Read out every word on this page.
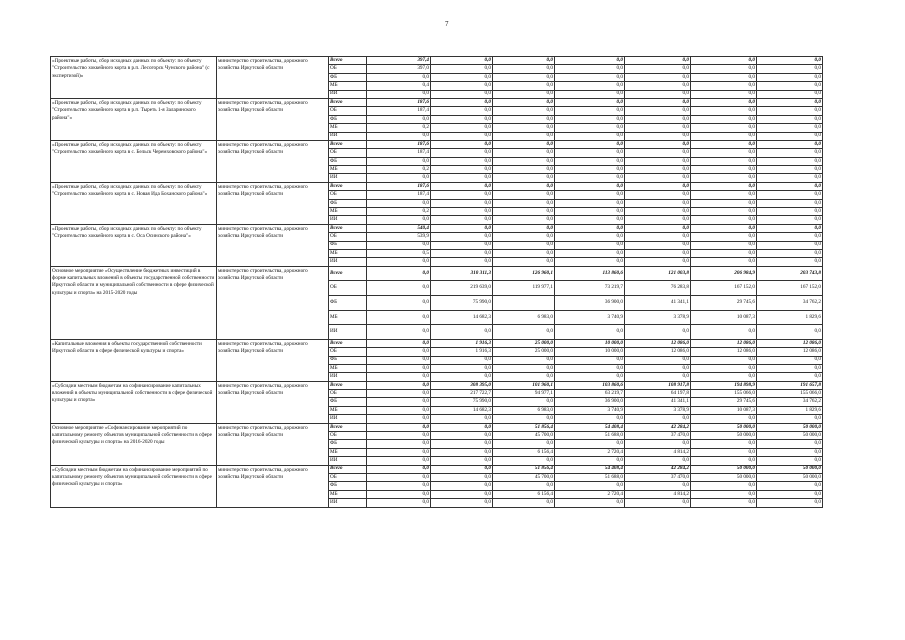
7
«Проектные работы, сбор исходных данных по объекту: по объекту "Строительство хоккейного корта в р.п. Лесогорск Чунского района" (с экспертизой)»	министерство строительства, дорожного хозяйства Иркутской области	Всего	397,4	0,0	0,0	0,0	0,0	0,0	0,0
		ОБ	397,0	0,0	0,0	0,0	0,0	0,0	0,0
		ФБ	0,0	0,0	0,0	0,0	0,0	0,0	0,0
		МБ	0,4	0,0	0,0	0,0	0,0	0,0	0,0
		ИИ	0,0	0,0	0,0	0,0	0,0	0,0	0,0
«Проектные работы, сбор исходных данных по объекту: по объекту "Строительство хоккейного корта в р.п. Тыреть 1-я Заларинского района"»	министерство строительства, дорожного хозяйства Иркутской области	Всего	187,6	0,0	0,0	0,0	0,0	0,0	0,0
		ОБ	187,4	0,0	0,0	0,0	0,0	0,0	0,0
		ФБ	0,0	0,0	0,0	0,0	0,0	0,0	0,0
		МБ	0,2	0,0	0,0	0,0	0,0	0,0	0,0
		ИИ	0,0	0,0	0,0	0,0	0,0	0,0	0,0
«Проектные работы, сбор исходных данных по объекту: по объекту "Строительство хоккейного корта в с. Бельск Черемховского района"»	министерство строительства, дорожного хозяйства Иркутской области	Всего	187,6	0,0	0,0	0,0	0,0	0,0	0,0
		ОБ	187,4	0,0	0,0	0,0	0,0	0,0	0,0
		ФБ	0,0	0,0	0,0	0,0	0,0	0,0	0,0
		МБ	0,2	0,0	0,0	0,0	0,0	0,0	0,0
		ИИ	0,0	0,0	0,0	0,0	0,0	0,0	0,0
«Проектные работы, сбор исходных данных по объекту: по объекту "Строительство хоккейного корта в с. Новая Ида Боханского района"»	министерство строительства, дорожного хозяйства Иркутской области	Всего	187,6	0,0	0,0	0,0	0,0	0,0	0,0
		ОБ	187,4	0,0	0,0	0,0	0,0	0,0	0,0
		ФБ	0,0	0,0	0,0	0,0	0,0	0,0	0,0
		МБ	0,2	0,0	0,0	0,0	0,0	0,0	0,0
		ИИ	0,0	0,0	0,0	0,0	0,0	0,0	0,0
«Проектные работы, сбор исходных данных по объекту: по объекту "Строительство хоккейного корта в с. Оса Осинского района"»	министерство строительства, дорожного хозяйства Иркутской области	Всего	540,4	0,0	0,0	0,0	0,0	0,0	0,0
		ОБ	539,9	0,0	0,0	0,0	0,0	0,0	0,0
		ФБ	0,0	0,0	0,0	0,0	0,0	0,0	0,0
		МБ	0,5	0,0	0,0	0,0	0,0	0,0	0,0
		ИИ	0,0	0,0	0,0	0,0	0,0	0,0	0,0
Основное мероприятие «Осуществление бюджетных инвестиций в форме капитальных вложений в объекты государственной собственности Иркутской области и муниципальной собственности в сфере физической культуры и спорта» на 2015-2020 годы	министерство строительства, дорожного хозяйства Иркутской области	Всего	0,0	310 311,3	126 960,1	113 860,6	121 003,8	206 984,9	203 743,8
		ОБ	0,0	219 639,0	119 977,1	73 219,7	76 283,8	167 152,0	167 152,0
		ФБ	0,0	75 990,0		36 900,0	41 341,1	29 745,6	34 762,2
		МБ	0,0	14 682,3	6 983,0	3 740,9	3 378,9	10 087,3	1 829,6
		ИИ	0,0	0,0	0,0	0,0	0,0	0,0	0,0
«Капитальные вложения в объекты государственной собственности Иркутской области в сфере физической культуры и спорта»	министерство строительства, дорожного хозяйства Иркутской области	Всего	0,0	1 916,3	25 000,0	10 000,0	12 086,0	12 086,0	12 086,0
		ОБ	0,0	1 916,3	25 000,0	10 000,0	12 086,0	12 086,0	12 086,0
		ФБ	0,0	0,0	0,0	0,0	0,0	0,0	0,0
		МБ	0,0	0,0	0,0	0,0	0,0	0,0	0,0
		ИИ	0,0	0,0	0,0	0,0	0,0	0,0	0,0
«Субсидии местным бюджетам на софинансирование капитальных вложений в объекты муниципальной собственности в сфере физической культуры и спорта»	министерство строительства, дорожного хозяйства Иркутской области	Всего	0,0	308 395,0	101 960,1	103 860,6	108 917,8	194 898,9	191 657,8
		ОБ	0,0	217 722,7	94 977,1	63 219,7	64 197,8	155 066,0	155 066,0
		ФБ	0,0	75 990,0	0,0	36 900,0	41 341,1	29 745,6	34 762,2
		МБ	0,0	14 682,3	6 983,0	3 740,9	3 378,9	10 087,3	1 829,6
		ИИ	0,0	0,0	0,0	0,0	0,0	0,0	0,0
Основное мероприятие «Софинансирование мероприятий по капитальному ремонту объектов муниципальной собственности в сфере физической культуры и спорта» на 2016-2020 годы	министерство строительства, дорожного хозяйства Иркутской области	Всего	0,0	0,0	51 856,4	54 408,4	42 284,2	50 000,0	50 000,0
		ОБ	0,0	0,0	45 700,0	51 688,0	37 470,0	50 000,0	50 000,0
		ФБ	0,0	0,0	0,0	0,0	0,0	0,0	0,0
		МБ	0,0	0,0	6 156,4	2 720,4	4 814,2	0,0	0,0
		ИИ	0,0	0,0	0,0	0,0	0,0	0,0	0,0
«Субсидии местным бюджетам на софинансирование мероприятий по капитальному ремонту объектов муниципальной собственности в сфере физической культуры и спорта»	министерство строительства, дорожного хозяйства Иркутской области	Всего	0,0	0,0	51 856,4	54 408,4	42 284,2	50 000,0	50 000,0
		ОБ	0,0	0,0	45 700,0	51 688,0	37 470,0	50 000,0	50 000,0
		ФБ	0,0	0,0	0,0	0,0	0,0	0,0	0,0
		МБ	0,0	0,0	6 156,4	2 720,4	4 814,2	0,0	0,0
		ИИ	0,0	0,0	0,0	0,0	0,0	0,0	0,0
